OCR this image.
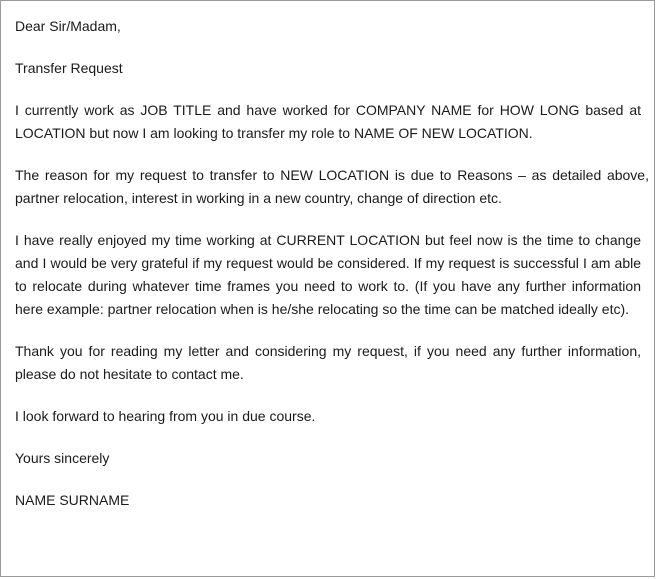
Dear Sir/Madam,

Transfer Request

I currently work as JOB TITLE and have worked for COMPANY NAME for HOW LONG based at LOCATION but now I am looking to transfer my role to NAME OF NEW LOCATION.

The reason for my request to transfer to NEW LOCATION is due to Reasons – as detailed above, partner relocation, interest in working in a new country, change of direction etc.

I have really enjoyed my time working at CURRENT LOCATION but feel now is the time to change and I would be very grateful if my request would be considered. If my request is successful I am able to relocate during whatever time frames you need to work to. (If you have any further information here example: partner relocation when is he/she relocating so the time can be matched ideally etc).

Thank you for reading my letter and considering my request, if you need any further information, please do not hesitate to contact me.

I look forward to hearing from you in due course.

Yours sincerely

NAME SURNAME
